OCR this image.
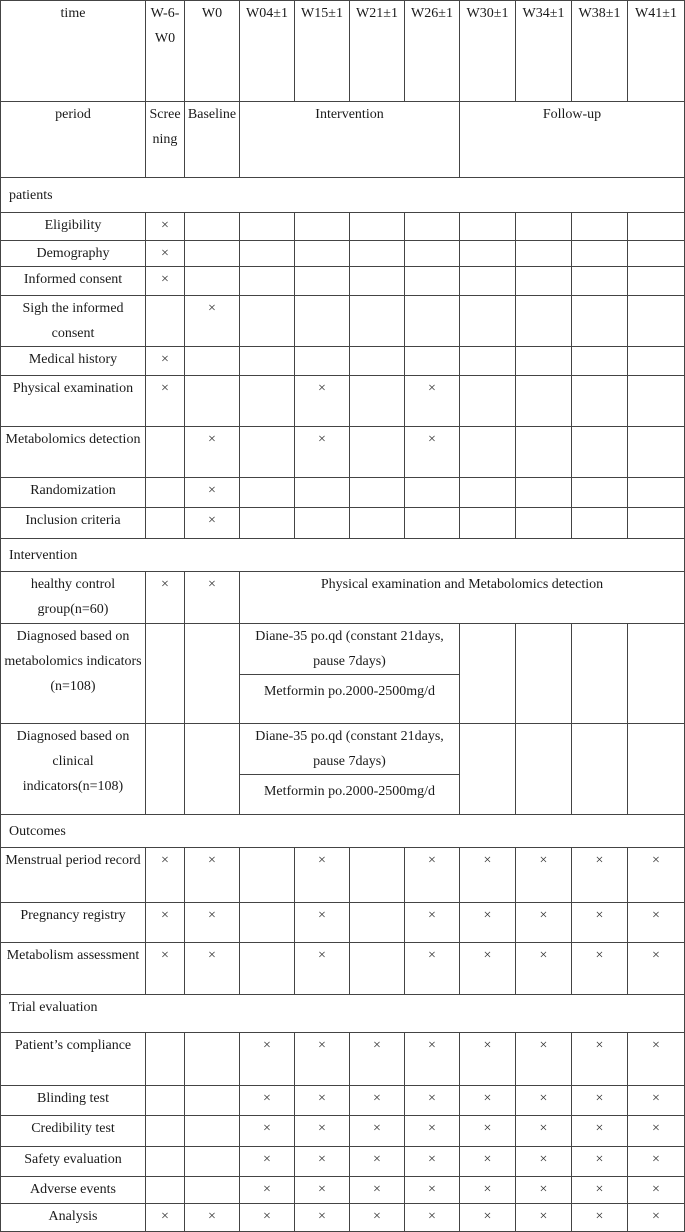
time	W-6-W0	W0	W04±1	W15±1	W21±1	W26±1	W30±1	W34±1	W38±1	W41±1
period	Screening	Baseline	Intervention				Follow-up			
patients										
Eligibility	×									
Demography	×									
Informed consent	×									
Sigh the informed consent		×								
Medical history	×									
Physical examination	×			×		×				
Metabolomics detection		×		×		×				
Randomization		×								
Inclusion criteria		×								
Intervention										
healthy control group(n=60)	×	×	Physical examination and Metabolomics detection							
Diagnosed based on metabolomics indicators (n=108)			Diane-35 po.qd (constant 21days, pause 7days)
Metformin po.2000-2500mg/d							

Diagnosed based on clinical indicators(n=108)			Diane-35 po.qd (constant 21days, pause 7days)
Metformin po.2000-2500mg/d							

Outcomes										
Menstrual period record	×	×		×		×	×	×	×	×
Pregnancy registry	×	×		×		×	×	×	×	×
Metabolism assessment	×	×		×		×	×	×	×	×
Trial evaluation										
Patient’s compliance			×	×	×	×	×	×	×	×
Blinding test			×	×	×	×	×	×	×	×
Credibility test			×	×	×	×	×	×	×	×
Safety evaluation			×	×	×	×	×	×	×	×
Adverse events			×	×	×	×	×	×	×	×
Analysis	×	×	×	×	×	×	×	×	×	×
